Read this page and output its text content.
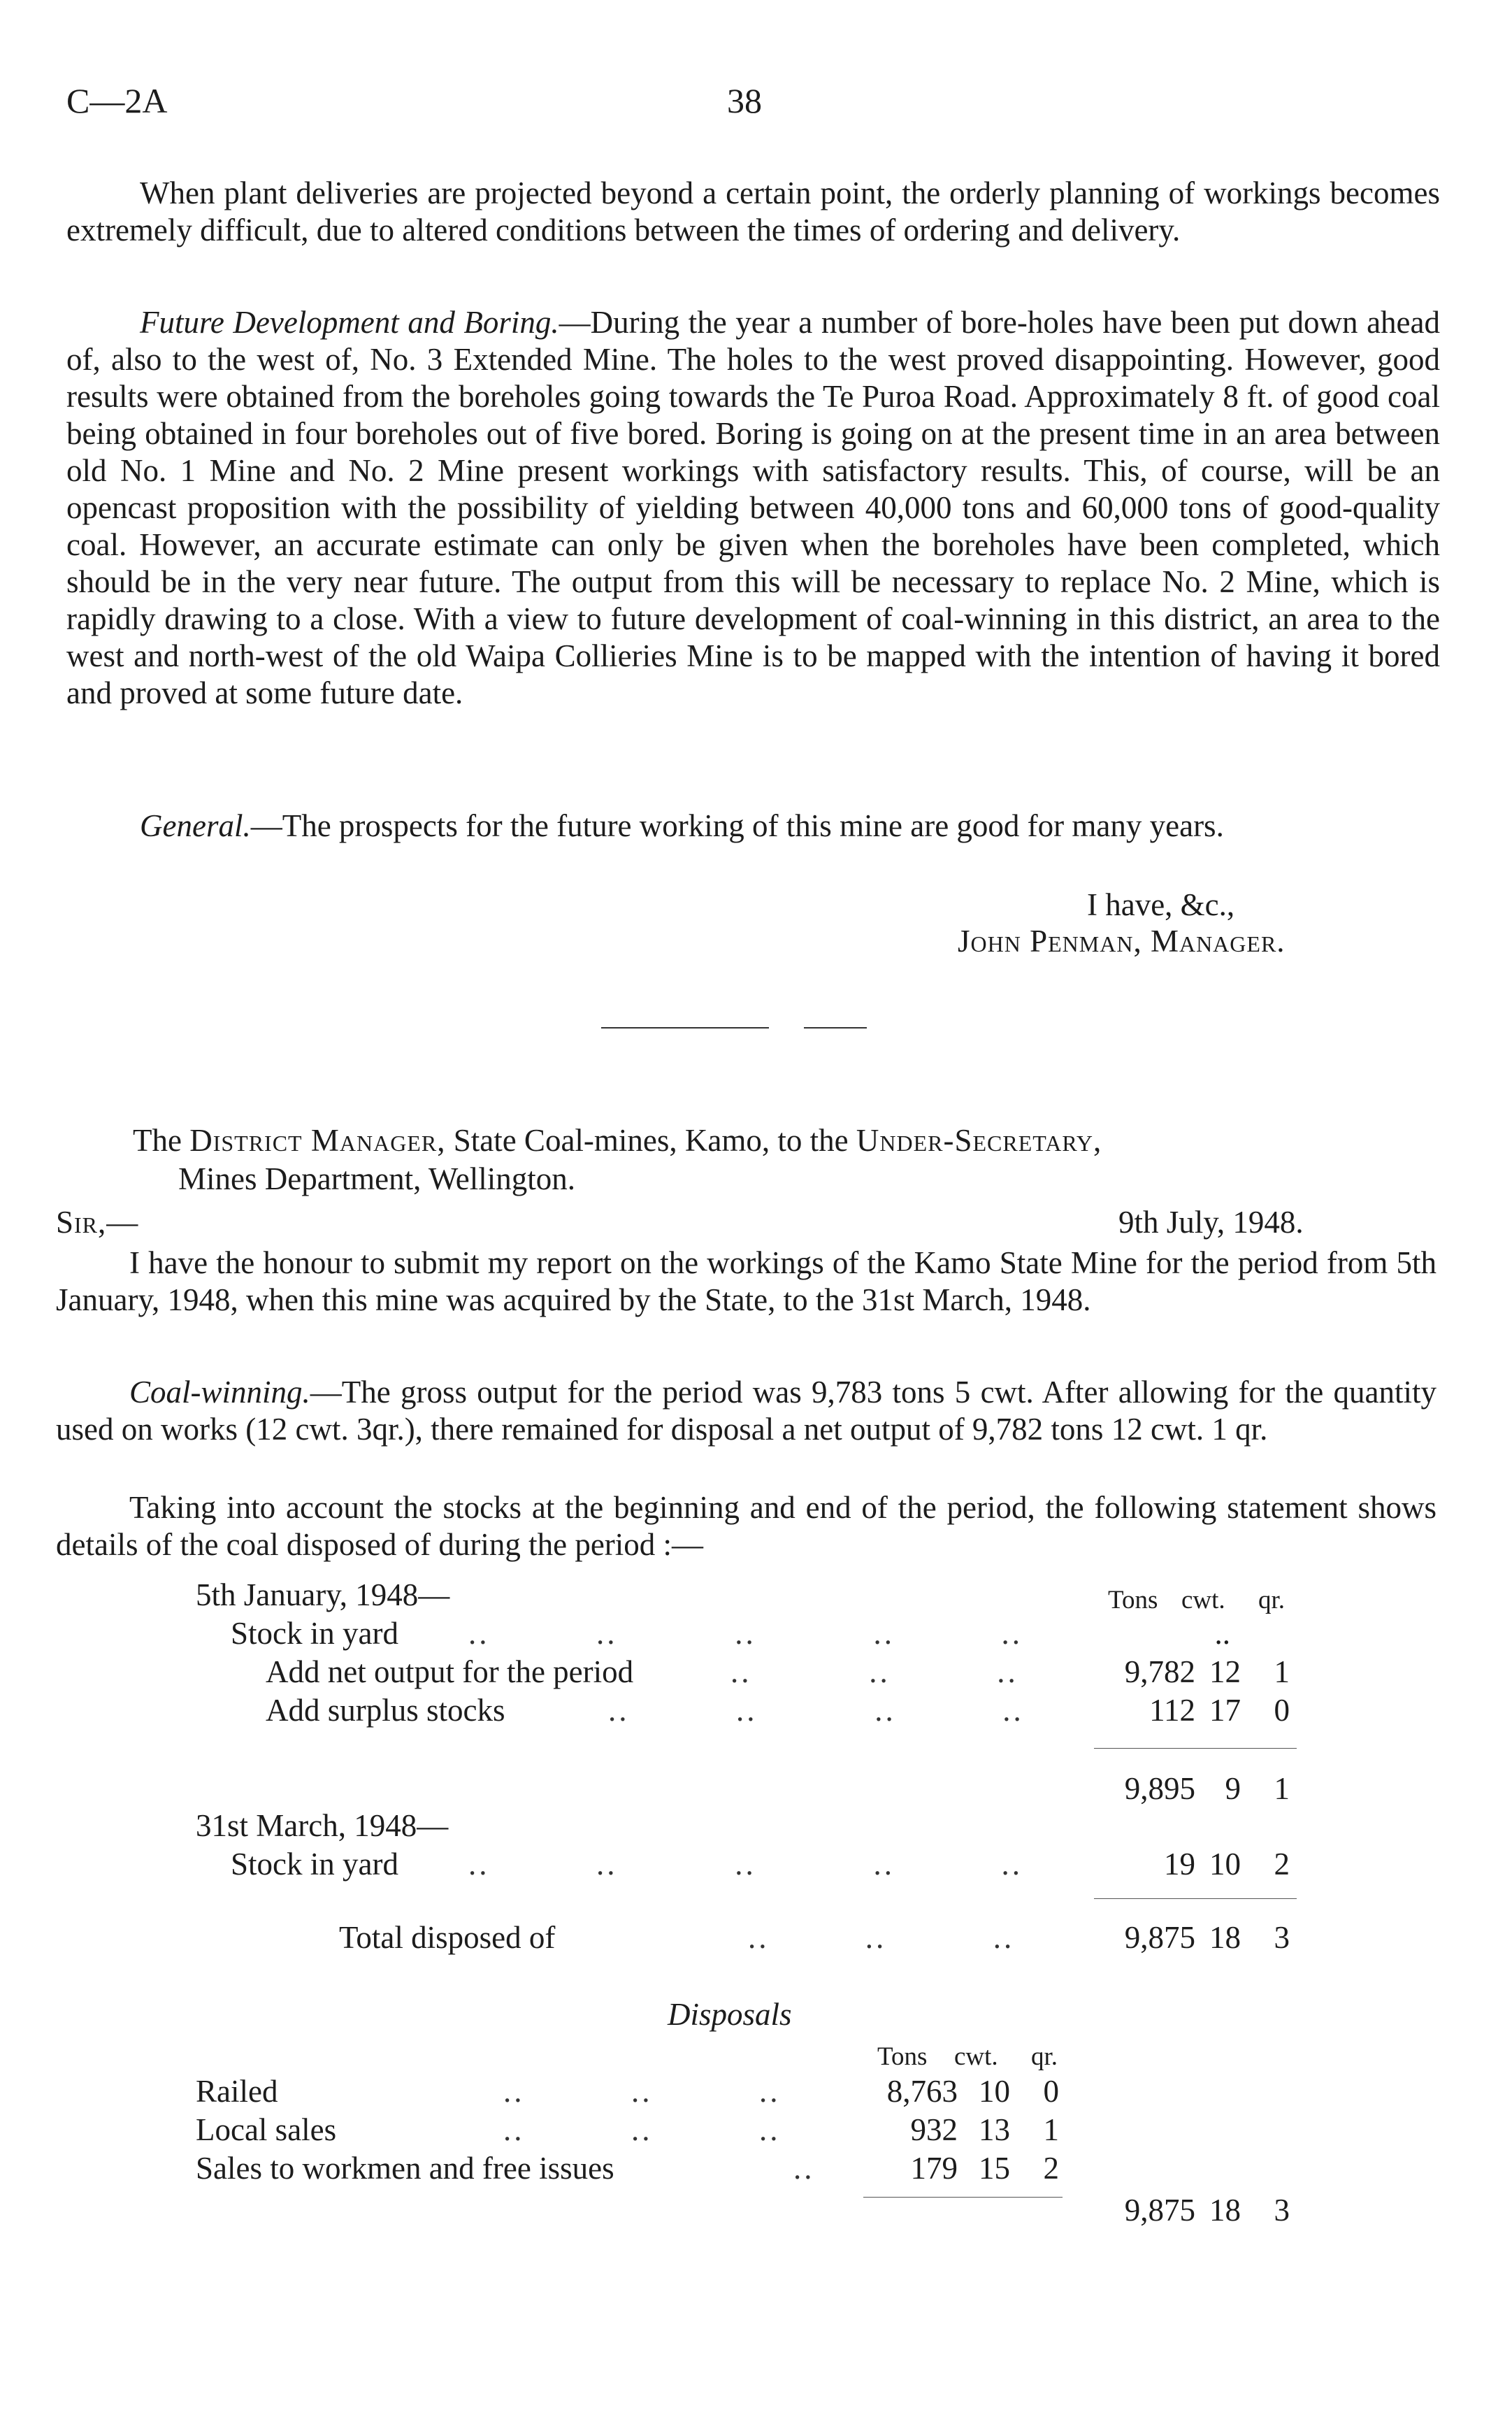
C—2A	38

When plant deliveries are projected beyond a certain point, the orderly planning of workings becomes extremely difficult, due to altered conditions between the times of ordering and delivery.

Future Development and Boring.—During the year a number of bore-holes have been put down ahead of, also to the west of, No. 3 Extended Mine. The holes to the west proved disappointing. However, good results were obtained from the boreholes going towards the Te Puroa Road. Approximately 8 ft. of good coal being obtained in four boreholes out of five bored. Boring is going on at the present time in an area between old No. 1 Mine and No. 2 Mine present workings with satisfactory results. This, of course, will be an opencast proposition with the possibility of yielding between 40,000 tons and 60,000 tons of good-quality coal. However, an accurate estimate can only be given when the boreholes have been completed, which should be in the very near future. The output from this will be necessary to replace No. 2 Mine, which is rapidly drawing to a close. With a view to future development of coal-winning in this district, an area to the west and north-west of the old Waipa Collieries Mine is to be mapped with the intention of having it bored and proved at some future date.

General.—The prospects for the future working of this mine are good for many years.

I have, &c.,
John Penman, Manager.
The District Manager, State Coal-mines, Kamo, to the Under-Secretary,
Mines Department, Wellington.
Sir,—	9th July, 1948.

I have the honour to submit my report on the workings of the Kamo State Mine for the period from 5th January, 1948, when this mine was acquired by the State, to the 31st March, 1948.

Coal-winning.—The gross output for the period was 9,783 tons 5 cwt. After allowing for the quantity used on works (12 cwt. 3qr.), there remained for disposal a net output of 9,782 tons 12 cwt. 1 qr.

Taking into account the stocks at the beginning and end of the period, the following statement shows details of the coal disposed of during the period :—

Tons cwt. qr.
5th January, 1948—
Stock in yard ..          ..           ..           ..          ..	..
Add net output for the period	..           ..          ..	9,782 12	1
Add surplus stocks	..          ..           ..          ..	112 17	0
9,895 9	1
31st March, 1948—
Stock in yard ..          ..           ..           ..          ..	19 10	2
Total disposed of	..         ..          ..	9,875 18	3
Disposals
Tons cwt. qr.
Railed	..          ..          ..	8,763 10	0
Local sales	..          ..          ..	932 13	1
Sales to workmen and free issues	..	179 15	2
9,875 18	3
